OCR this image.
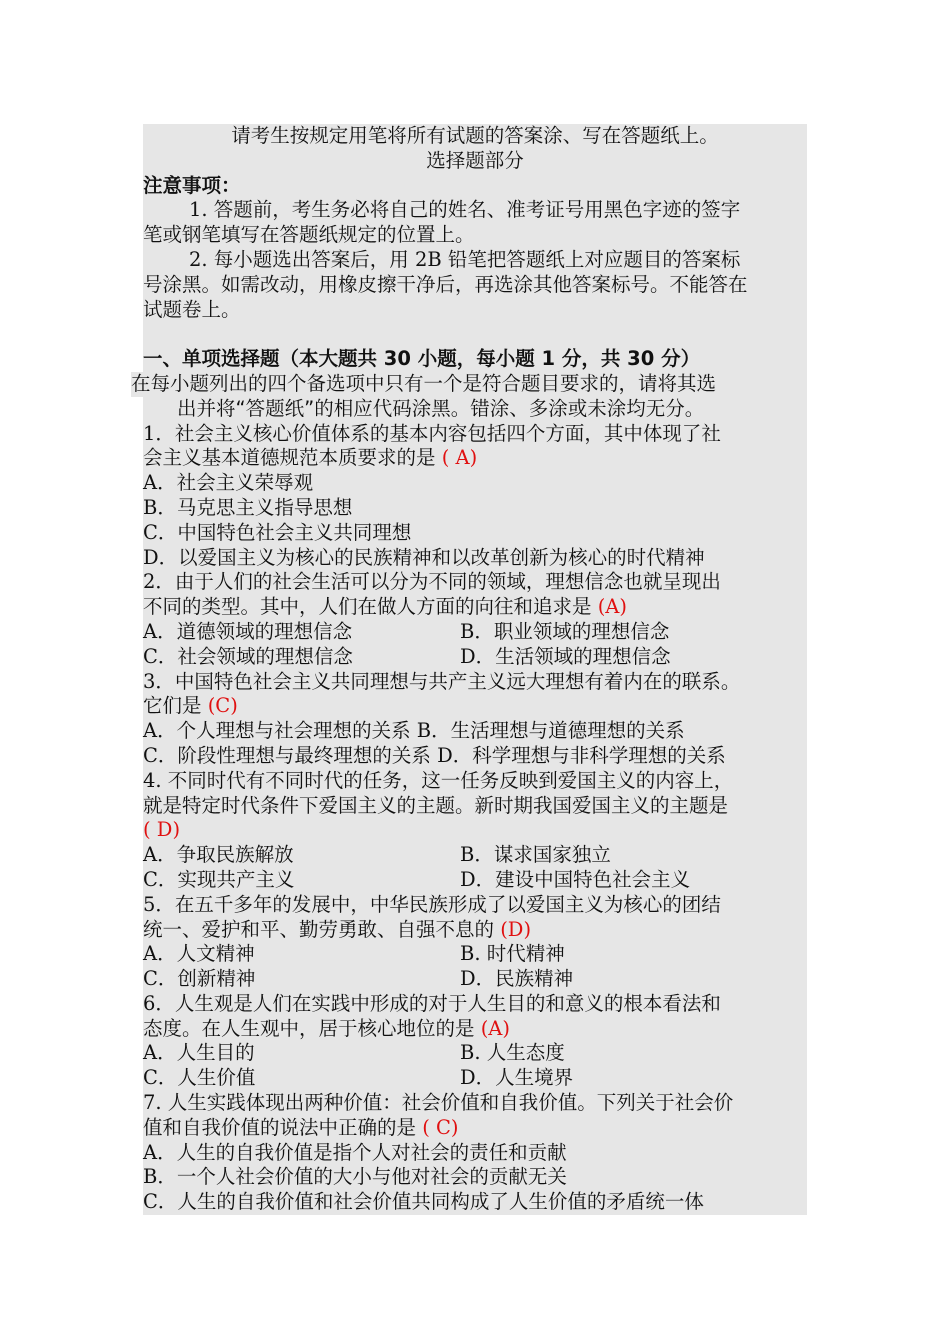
请考生按规定用笔将所有试题的答案涂、写在答题纸上。
选择题部分
注意事项：
1. 答题前，考生务必将自己的姓名、准考证号用黑色字迹的签字
笔或钢笔填写在答题纸规定的位置上。
2. 每小题选出答案后，用 2B 铅笔把答题纸上对应题目的答案标
号涂黑。如需改动，用橡皮擦干净后，再选涂其他答案标号。不能答在
试题卷上。
一、单项选择题（本大题共 30 小题，每小题 1 分，共 30 分）
在每小题列出的四个备选项中只有一个是符合题目要求的，请将其选
出并将“答题纸”的相应代码涂黑。错涂、多涂或未涂均无分。
1．社会主义核心价值体系的基本内容包括四个方面，其中体现了社
会主义基本道德规范本质要求的是 ( A)
A．社会主义荣辱观
B．马克思主义指导思想
C．中国特色社会主义共同理想
D．以爱国主义为核心的民族精神和以改革创新为核心的时代精神
2．由于人们的社会生活可以分为不同的领域，理想信念也就呈现出
不同的类型。其中，人们在做人方面的向往和追求是 (A)
A．道德领域的理想信念	B．职业领域的理想信念
C．社会领域的理想信念	D．生活领域的理想信念
3．中国特色社会主义共同理想与共产主义远大理想有着内在的联系。
它们是 (C)
A．个人理想与社会理想的关系 B．生活理想与道德理想的关系
C．阶段性理想与最终理想的关系 D．科学理想与非科学理想的关系
4. 不同时代有不同时代的任务，这一任务反映到爱国主义的内容上，
就是特定时代条件下爱国主义的主题。新时期我国爱国主义的主题是
( D)
A．争取民族解放	B．谋求国家独立
C．实现共产主义	D．建设中国特色社会主义
5．在五千多年的发展中，中华民族形成了以爱国主义为核心的团结
统一、爱护和平、勤劳勇敢、自强不息的 (D)
A．人文精神	B. 时代精神
C．创新精神	D．民族精神
6．人生观是人们在实践中形成的对于人生目的和意义的根本看法和
态度。在人生观中，居于核心地位的是 (A)
A．人生目的	B. 人生态度
C．人生价值	D．人生境界
7. 人生实践体现出两种价值：社会价值和自我价值。下列关于社会价
值和自我价值的说法中正确的是 ( C)
A．人生的自我价值是指个人对社会的责任和贡献
B．一个人社会价值的大小与他对社会的贡献无关
C．人生的自我价值和社会价值共同构成了人生价值的矛盾统一体
